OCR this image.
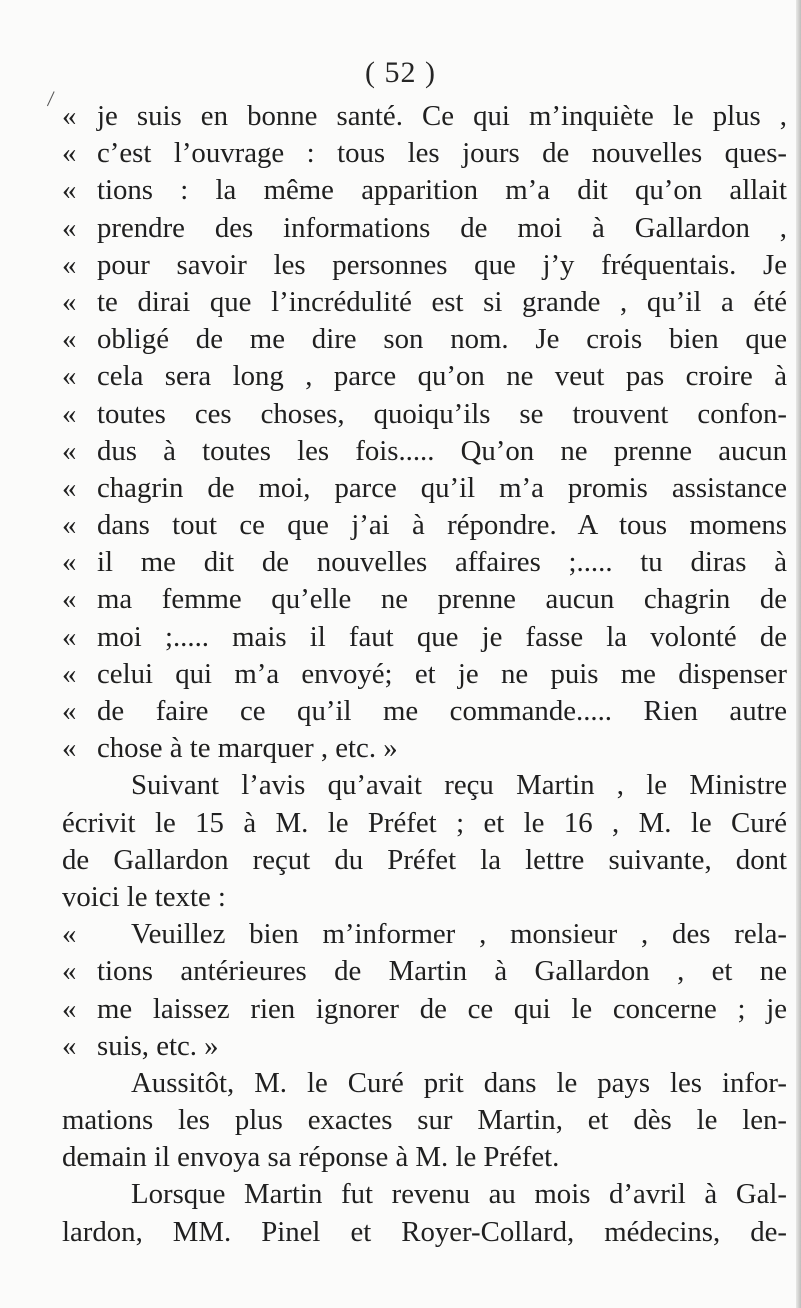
( 52 )
« je suis en bonne santé. Ce qui m’inquiète le plus ,
« c’est l’ouvrage : tous les jours de nouvelles ques-
« tions : la même apparition m’a dit qu’on allait
« prendre des informations de moi à Gallardon ,
« pour savoir les personnes que j’y fréquentais. Je
« te dirai que l’incrédulité est si grande , qu’il a été
« obligé de me dire son nom. Je crois bien que
« cela sera long , parce qu’on ne veut pas croire à
« toutes ces choses, quoiqu’ils se trouvent confon-
« dus à toutes les fois..... Qu’on ne prenne aucun
« chagrin de moi, parce qu’il m’a promis assistance
« dans tout ce que j’ai à répondre. A tous momens
« il me dit de nouvelles affaires ;..... tu diras à
« ma femme qu’elle ne prenne aucun chagrin de
« moi ;..... mais il faut que je fasse la volonté de
« celui qui m’a envoyé; et je ne puis me dispenser
« de faire ce qu’il me commande..... Rien autre
« chose à te marquer , etc. »
Suivant l’avis qu’avait reçu Martin , le Ministre
écrivit le 15 à M. le Préfet ; et le 16 , M. le Curé
de Gallardon reçut du Préfet la lettre suivante, dont
voici le texte :
« Veuillez bien m’informer , monsieur , des rela-
« tions antérieures de Martin à Gallardon , et ne
« me laissez rien ignorer de ce qui le concerne ; je
« suis, etc. »
Aussitôt, M. le Curé prit dans le pays les infor-
mations les plus exactes sur Martin, et dès le len-
demain il envoya sa réponse à M. le Préfet.
Lorsque Martin fut revenu au mois d’avril à Gal-
lardon, MM. Pinel et Royer-Collard, médecins, de-
